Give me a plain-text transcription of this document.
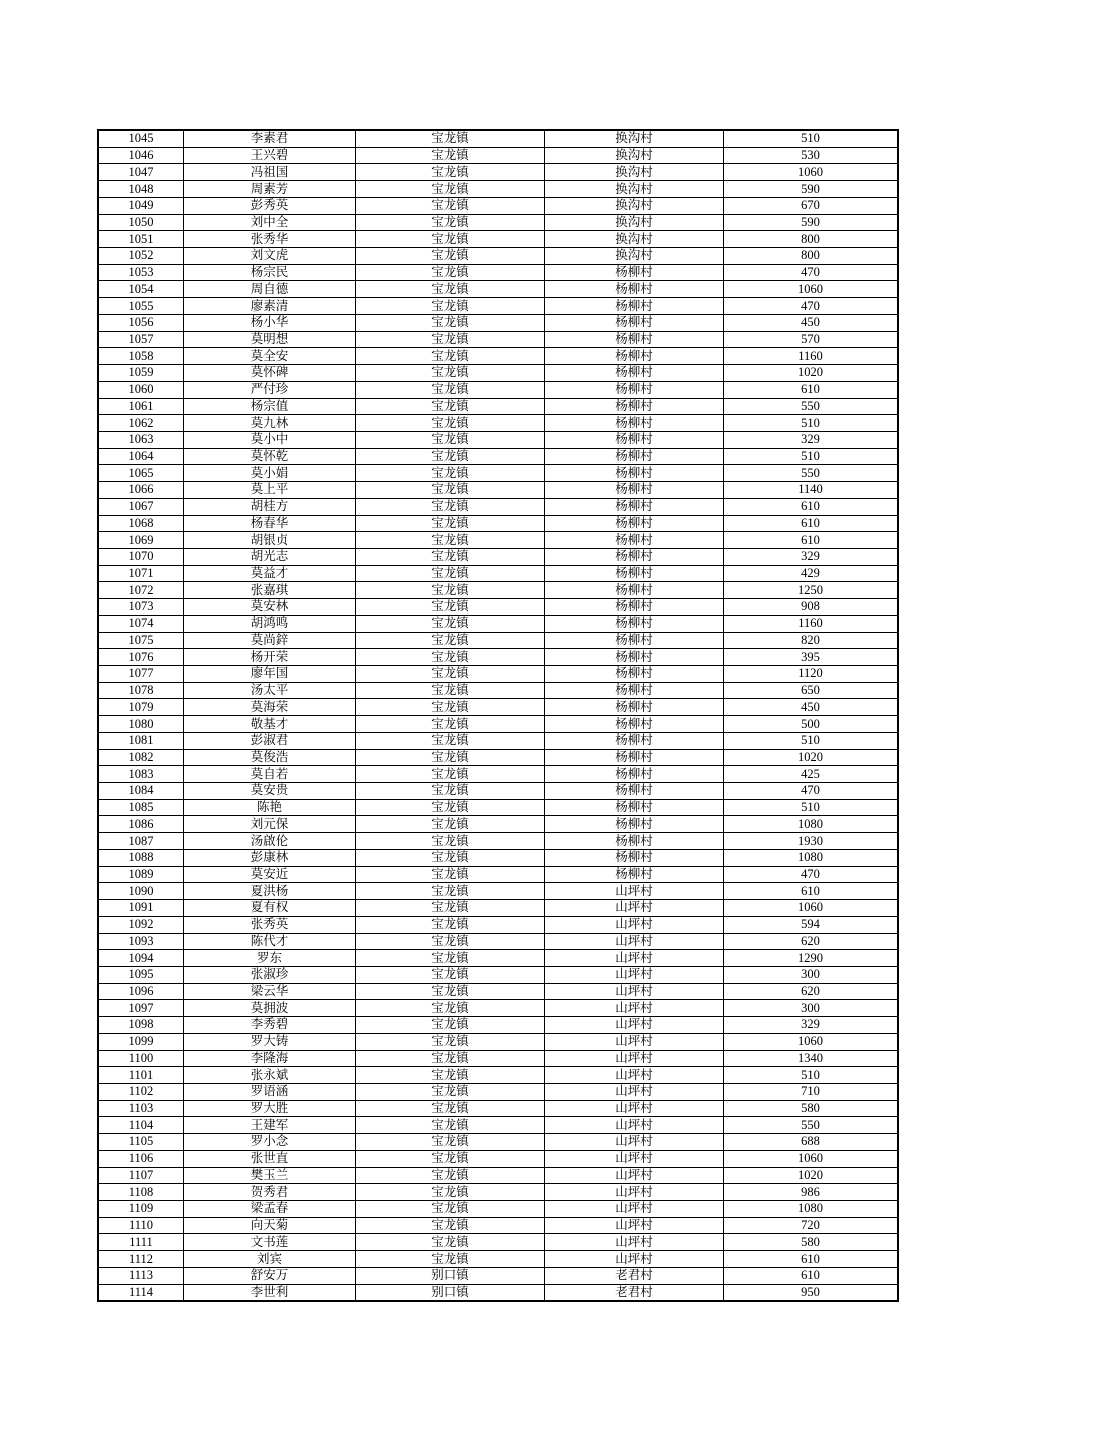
1045	李素君	宝龙镇	换沟村	510
1046	王兴碧	宝龙镇	换沟村	530
1047	冯祖国	宝龙镇	换沟村	1060
1048	周素芳	宝龙镇	换沟村	590
1049	彭秀英	宝龙镇	换沟村	670
1050	刘中全	宝龙镇	换沟村	590
1051	张秀华	宝龙镇	换沟村	800
1052	刘文虎	宝龙镇	换沟村	800
1053	杨宗民	宝龙镇	杨柳村	470
1054	周自德	宝龙镇	杨柳村	1060
1055	廖素清	宝龙镇	杨柳村	470
1056	杨小华	宝龙镇	杨柳村	450
1057	莫明想	宝龙镇	杨柳村	570
1058	莫全安	宝龙镇	杨柳村	1160
1059	莫怀碑	宝龙镇	杨柳村	1020
1060	严付珍	宝龙镇	杨柳村	610
1061	杨宗值	宝龙镇	杨柳村	550
1062	莫九林	宝龙镇	杨柳村	510
1063	莫小中	宝龙镇	杨柳村	329
1064	莫怀乾	宝龙镇	杨柳村	510
1065	莫小娟	宝龙镇	杨柳村	550
1066	莫上平	宝龙镇	杨柳村	1140
1067	胡桂方	宝龙镇	杨柳村	610
1068	杨春华	宝龙镇	杨柳村	610
1069	胡银贞	宝龙镇	杨柳村	610
1070	胡光志	宝龙镇	杨柳村	329
1071	莫益才	宝龙镇	杨柳村	429
1072	张嘉琪	宝龙镇	杨柳村	1250
1073	莫安林	宝龙镇	杨柳村	908
1074	胡鸿鸣	宝龙镇	杨柳村	1160
1075	莫尚鋅	宝龙镇	杨柳村	820
1076	杨开荣	宝龙镇	杨柳村	395
1077	廖年国	宝龙镇	杨柳村	1120
1078	汤太平	宝龙镇	杨柳村	650
1079	莫海荣	宝龙镇	杨柳村	450
1080	敬基才	宝龙镇	杨柳村	500
1081	彭淑君	宝龙镇	杨柳村	510
1082	莫俊浩	宝龙镇	杨柳村	1020
1083	莫自若	宝龙镇	杨柳村	425
1084	莫安贵	宝龙镇	杨柳村	470
1085	陈艳	宝龙镇	杨柳村	510
1086	刘元保	宝龙镇	杨柳村	1080
1087	汤啟伦	宝龙镇	杨柳村	1930
1088	彭康林	宝龙镇	杨柳村	1080
1089	莫安近	宝龙镇	杨柳村	470
1090	夏洪杨	宝龙镇	山坪村	610
1091	夏有权	宝龙镇	山坪村	1060
1092	张秀英	宝龙镇	山坪村	594
1093	陈代才	宝龙镇	山坪村	620
1094	罗东	宝龙镇	山坪村	1290
1095	张淑珍	宝龙镇	山坪村	300
1096	梁云华	宝龙镇	山坪村	620
1097	莫拥波	宝龙镇	山坪村	300
1098	李秀碧	宝龙镇	山坪村	329
1099	罗大铸	宝龙镇	山坪村	1060
1100	李隆海	宝龙镇	山坪村	1340
1101	张永斌	宝龙镇	山坪村	510
1102	罗语涵	宝龙镇	山坪村	710
1103	罗大胜	宝龙镇	山坪村	580
1104	王建军	宝龙镇	山坪村	550
1105	罗小念	宝龙镇	山坪村	688
1106	张世直	宝龙镇	山坪村	1060
1107	樊玉兰	宝龙镇	山坪村	1020
1108	贺秀君	宝龙镇	山坪村	986
1109	梁孟春	宝龙镇	山坪村	1080
1110	向天菊	宝龙镇	山坪村	720
1111	文书莲	宝龙镇	山坪村	580
1112	刘宾	宝龙镇	山坪村	610
1113	舒安万	别口镇	老君村	610
1114	李世利	别口镇	老君村	950
